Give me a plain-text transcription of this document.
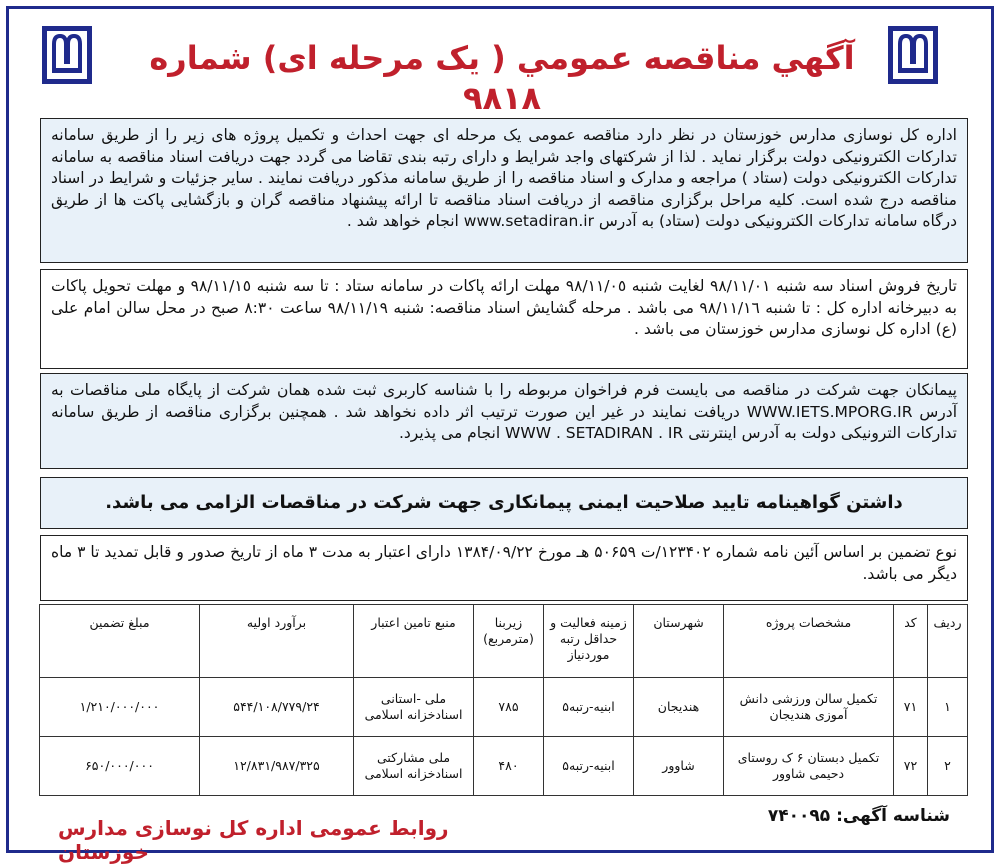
آگهي مناقصه عمومي ( يک مرحله اى) شماره ٩٨١٨
اداره کل نوسازی مدارس خوزستان در نظر دارد مناقصه عمومی یک مرحله ای جهت احداث و تکمیل پروژه های زیر را از طریق سامانه تدارکات الکترونیکی دولت برگزار نماید . لذا از شرکتهای واجد شرایط و دارای رتبه بندی تقاضا می گردد جهت دریافت اسناد مناقصه به سامانه تدارکات الکترونیکی دولت (ستاد ) مراجعه و مدارک و اسناد مناقصه را از طریق سامانه مذکور دریافت نمایند . سایر جزئیات و شرایط در اسناد مناقصه درج شده است. کلیه مراحل برگزاری مناقصه از دریافت اسناد مناقصه تا ارائه پیشنهاد مناقصه گران و بازگشایی پاکت ها از طریق درگاه سامانه تدارکات الکترونیکی دولت (ستاد) به آدرس www.setadiran.ir انجام خواهد شد .
تاریخ فروش اسناد سه شنبه ٩٨/١١/٠١ لغایت شنبه ٩٨/١١/٠٥ مهلت ارائه پاکات در سامانه ستاد : تا سه شنبه ٩٨/١١/١٥ و مهلت تحویل پاکات به دبیرخانه اداره کل : تا شنبه ٩٨/١١/١٦ می باشد . مرحله گشایش اسناد مناقصه: شنبه ٩٨/١١/١٩ ساعت ٨:٣٠ صبح در محل سالن امام علی (ع) اداره کل نوسازی مدارس خوزستان می باشد .
پیمانکان جهت شرکت در مناقصه می بایست فرم فراخوان مربوطه را با شناسه کاربری ثبت شده همان شرکت از پایگاه ملی مناقصات به آدرس WWW.IETS.MPORG.IR دریافت نمایند در غیر این صورت ترتیب اثر داده نخواهد شد . همچنین برگزاری مناقصه از طریق سامانه تدارکات الترونیکی دولت به آدرس اینترنتی WWW . SETADIRAN . IR انجام می پذیرد.
داشتن گواهینامه تایید صلاحیت ایمنی پیمانکاری جهت شرکت در مناقصات الزامی می باشد.
نوع تضمین بر اساس آئین نامه شماره ١٢٣۴٠٢/ت ۵٠۶۵٩ هـ مورخ ١٣٨۴/٠٩/٢٢ دارای اعتبار به مدت ٣ ماه از تاریخ صدور و قابل تمدید تا ٣ ماه دیگر می باشد.
ردیف	کد	مشخصات پروژه	شهرستان	زمینه فعالیت و حداقل رتبه موردنیاز	زیربنا (مترمربع)	منبع تامین اعتبار	برآورد اولیه	مبلغ تضمین
١	٧١	تکمیل سالن ورزشی دانش آموزی هندیجان	هندیجان	ابنیه-رتبه۵	٧٨۵	ملی -استانی اسنادخزانه اسلامی	٢۴/١٠٨/٧٧٩/۵۴۴	١/٢١٠/٠٠٠/٠٠٠
٢	٧٢	تکمیل دبستان ۶ ک روستای دحیمی شاوور	شاوور	ابنیه-رتبه۵	۴٨٠	ملی مشارکتی اسنادخزانه اسلامی	١٢/٨٣١/٩٨٧/٣٢۵	۶۵٠/٠٠٠/٠٠٠
شناسه آگهی: ٧۴٠٠٩۵
روابط عمومی اداره کل نوسازی مدارس خوزستان
